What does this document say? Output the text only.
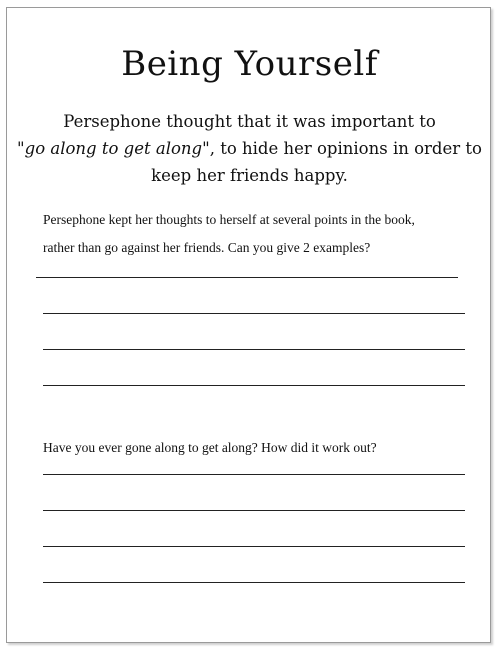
Being Yourself
Persephone thought that it was important to
"go along to get along", to hide her opinions in order to
keep her friends happy.
Persephone kept her thoughts to herself at several points in the book,
rather than go against her friends. Can you give 2 examples?
Have you ever gone along to get along? How did it work out?
